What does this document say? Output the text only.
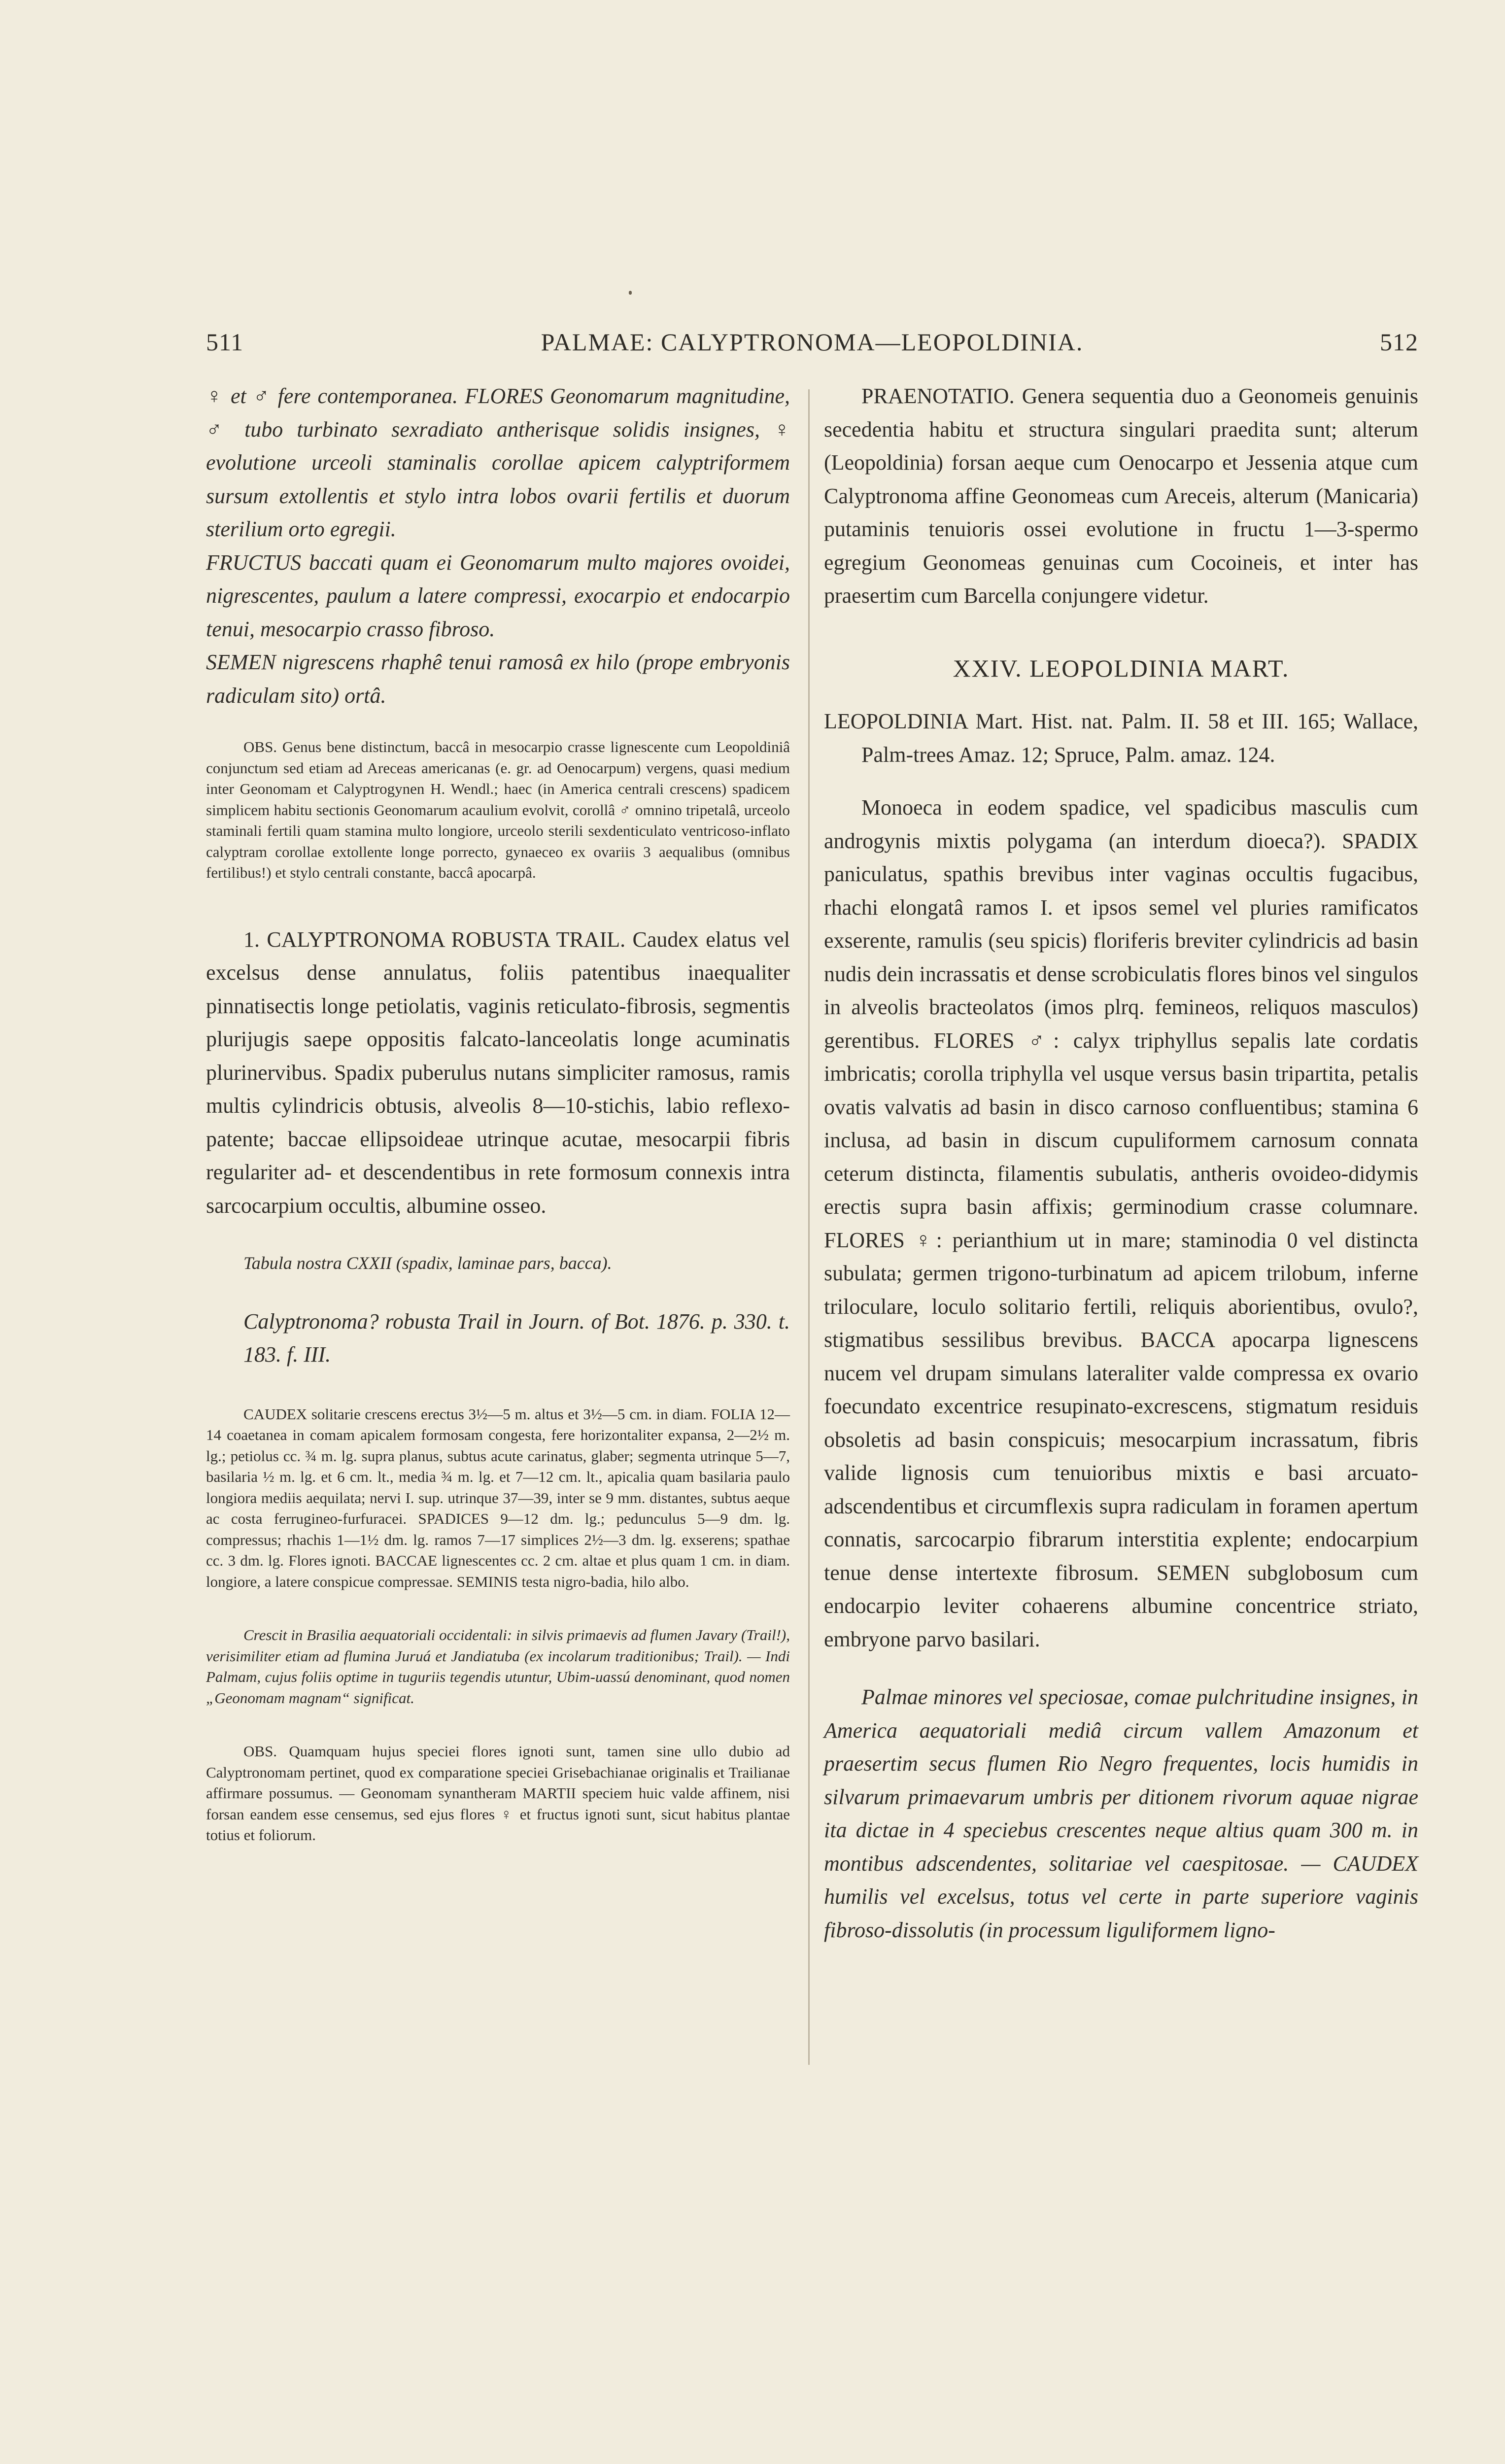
511	PALMAE: CALYPTRONOMA—LEOPOLDINIA.	512

♀ et ♂ fere contemporanea. FLORES Geonomarum magnitudine, ♂ tubo turbinato sexradiato antherisque solidis insignes, ♀ evolutione urceoli staminalis corollae apicem calyptriformem sursum extollentis et stylo intra lobos ovarii fertilis et duorum sterilium orto egregii.

FRUCTUS baccati quam ei Geonomarum multo majores ovoidei, nigrescentes, paulum a latere compressi, exocarpio et endocarpio tenui, mesocarpio crasso fibroso.

SEMEN nigrescens rhaphê tenui ramosâ ex hilo (prope embryonis radiculam sito) ortâ.

OBS. Genus bene distinctum, baccâ in mesocarpio crasse lignescente cum Leopoldiniâ conjunctum sed etiam ad Areceas americanas (e. gr. ad Oenocarpum) vergens, quasi medium inter Geonomam et Calyptrogynen H. Wendl.; haec (in America centrali crescens) spadicem simplicem habitu sectionis Geonomarum acaulium evolvit, corollâ ♂ omnino tripetalâ, urceolo staminali fertili quam stamina multo longiore, urceolo sterili sexdenticulato ventricoso-inflato calyptram corollae extollente longe porrecto, gynaeceo ex ovariis 3 aequalibus (omnibus fertilibus!) et stylo centrali constante, baccâ apocarpâ.

1. CALYPTRONOMA ROBUSTA TRAIL. Caudex elatus vel excelsus dense annulatus, foliis patentibus inaequaliter pinnatisectis longe petiolatis, vaginis reticulato-fibrosis, segmentis plurijugis saepe oppositis falcato-lanceolatis longe acuminatis plurinervibus. Spadix puberulus nutans simpliciter ramosus, ramis multis cylindricis obtusis, alveolis 8—10-stichis, labio reflexo-patente; baccae ellipsoideae utrinque acutae, mesocarpii fibris regulariter ad- et descendentibus in rete formosum connexis intra sarcocarpium occultis, albumine osseo.

Tabula nostra CXXII (spadix, laminae pars, bacca).

Calyptronoma? robusta Trail in Journ. of Bot. 1876. p. 330. t. 183. f. III.

CAUDEX solitarie crescens erectus 3½—5 m. altus et 3½—5 cm. in diam. FOLIA 12—14 coaetanea in comam apicalem formosam congesta, fere horizontaliter expansa, 2—2½ m. lg.; petiolus cc. ¾ m. lg. supra planus, subtus acute carinatus, glaber; segmenta utrinque 5—7, basilaria ½ m. lg. et 6 cm. lt., media ¾ m. lg. et 7—12 cm. lt., apicalia quam basilaria paulo longiora mediis aequilata; nervi I. sup. utrinque 37—39, inter se 9 mm. distantes, subtus aeque ac costa ferrugineo-furfuracei. SPADICES 9—12 dm. lg.; pedunculus 5—9 dm. lg. compressus; rhachis 1—1½ dm. lg. ramos 7—17 simplices 2½—3 dm. lg. exserens; spathae cc. 3 dm. lg. Flores ignoti. BACCAE lignescentes cc. 2 cm. altae et plus quam 1 cm. in diam. longiore, a latere conspicue compressae. SEMINIS testa nigro-badia, hilo albo.

Crescit in Brasilia aequatoriali occidentali: in silvis primaevis ad flumen Javary (Trail!), verisimiliter etiam ad flumina Juruá et Jandiatuba (ex incolarum traditionibus; Trail). — Indi Palmam, cujus foliis optime in tuguriis tegendis utuntur, Ubim-uassú denominant, quod nomen „Geonomam magnam“ significat.

OBS. Quamquam hujus speciei flores ignoti sunt, tamen sine ullo dubio ad Calyptronomam pertinet, quod ex comparatione speciei Grisebachianae originalis et Trailianae affirmare possumus. — Geonomam synantheram MARTII speciem huic valde affinem, nisi forsan eandem esse censemus, sed ejus flores ♀ et fructus ignoti sunt, sicut habitus plantae totius et foliorum.

PRAENOTATIO. Genera sequentia duo a Geonomeis genuinis secedentia habitu et structura singulari praedita sunt; alterum (Leopoldinia) forsan aeque cum Oenocarpo et Jessenia atque cum Calyptronoma affine Geonomeas cum Areceis, alterum (Manicaria) putaminis tenuioris ossei evolutione in fructu 1—3-spermo egregium Geonomeas genuinas cum Cocoineis, et inter has praesertim cum Barcella conjungere videtur.

XXIV. LEOPOLDINIA MART.

LEOPOLDINIA Mart. Hist. nat. Palm. II. 58 et III. 165; Wallace, Palm-trees Amaz. 12; Spruce, Palm. amaz. 124.

Monoeca in eodem spadice, vel spadicibus masculis cum androgynis mixtis polygama (an interdum dioeca?). SPADIX paniculatus, spathis brevibus inter vaginas occultis fugacibus, rhachi elongatâ ramos I. et ipsos semel vel pluries ramificatos exserente, ramulis (seu spicis) floriferis breviter cylindricis ad basin nudis dein incrassatis et dense scrobiculatis flores binos vel singulos in alveolis bracteolatos (imos plrq. femineos, reliquos masculos) gerentibus. FLORES ♂: calyx triphyllus sepalis late cordatis imbricatis; corolla triphylla vel usque versus basin tripartita, petalis ovatis valvatis ad basin in disco carnoso confluentibus; stamina 6 inclusa, ad basin in discum cupuliformem carnosum connata ceterum distincta, filamentis subulatis, antheris ovoideo-didymis erectis supra basin affixis; germinodium crasse columnare. FLORES ♀: perianthium ut in mare; staminodia 0 vel distincta subulata; germen trigono-turbinatum ad apicem trilobum, inferne triloculare, loculo solitario fertili, reliquis aborientibus, ovulo?, stigmatibus sessilibus brevibus. BACCA apocarpa lignescens nucem vel drupam simulans lateraliter valde compressa ex ovario foecundato excentrice resupinato-excrescens, stigmatum residuis obsoletis ad basin conspicuis; mesocarpium incrassatum, fibris valide lignosis cum tenuioribus mixtis e basi arcuato-adscendentibus et circumflexis supra radiculam in foramen apertum connatis, sarcocarpio fibrarum interstitia explente; endocarpium tenue dense intertexte fibrosum. SEMEN subglobosum cum endocarpio leviter cohaerens albumine concentrice striato, embryone parvo basilari.

Palmae minores vel speciosae, comae pulchritudine insignes, in America aequatoriali mediâ circum vallem Amazonum et praesertim secus flumen Rio Negro frequentes, locis humidis in silvarum primaevarum umbris per ditionem rivorum aquae nigrae ita dictae in 4 speciebus crescentes neque altius quam 300 m. in montibus adscendentes, solitariae vel caespitosae. — CAUDEX humilis vel excelsus, totus vel certe in parte superiore vaginis fibroso-dissolutis (in processum liguliformem ligno-
